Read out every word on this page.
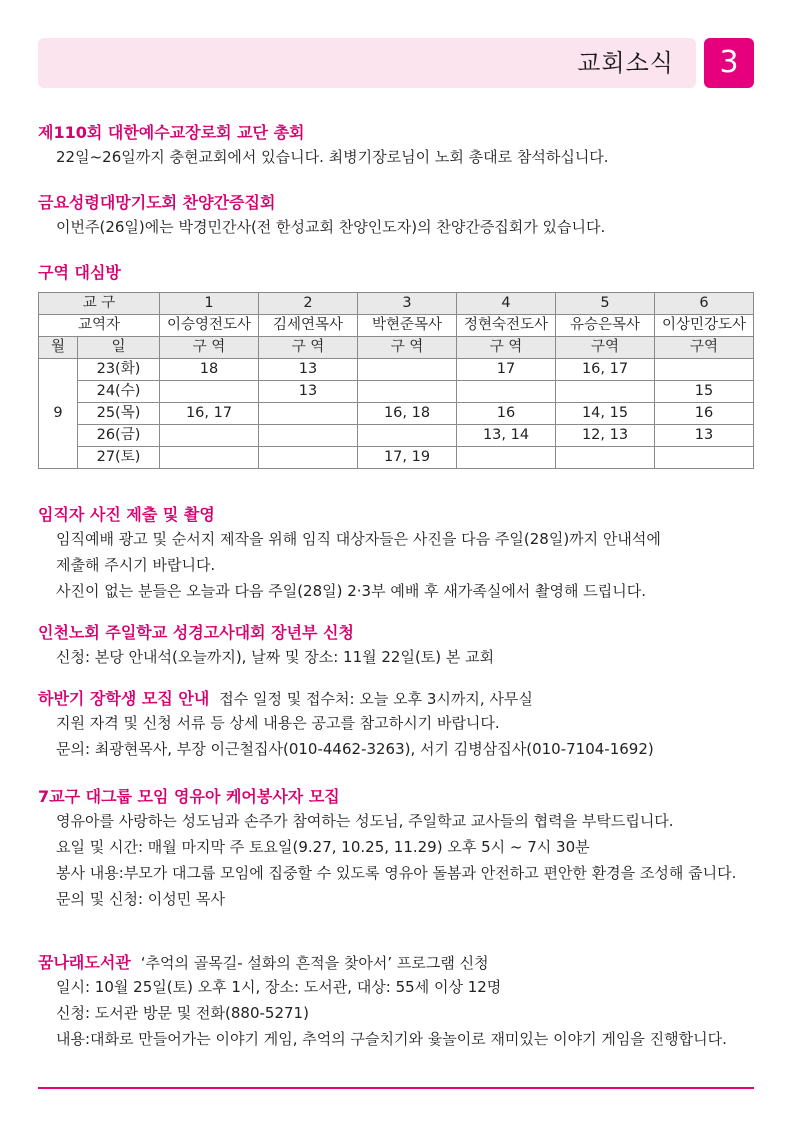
교회소식	3
제110회 대한예수교장로회 교단 총회
22일~26일까지 충현교회에서 있습니다. 최병기장로님이 노회 총대로 참석하십니다.
금요성령대망기도회 찬양간증집회
이번주(26일)에는 박경민간사(전 한성교회 찬양인도자)의 찬양간증집회가 있습니다.
구역 대심방
교 구		1	2	3	4	5	6
교역자		이승영전도사	김세연목사	박현준목사	정현숙전도사	유승은목사	이상민강도사
월	일	구 역	구 역	구 역	구 역	구역	구역
9	23(화)	18	13		17	16, 17	
	24(수)		13				15
	25(목)	16, 17		16, 18	16	14, 15	16
	26(금)				13, 14	12, 13	13
	27(토)			17, 19			
임직자 사진 제출 및 촬영
임직예배 광고 및 순서지 제작을 위해 임직 대상자들은 사진을 다음 주일(28일)까지 안내석에
제출해 주시기 바랍니다.
사진이 없는 분들은 오늘과 다음 주일(28일) 2·3부 예배 후 새가족실에서 촬영해 드립니다.
인천노회 주일학교 성경고사대회 장년부 신청
신청: 본당 안내석(오늘까지), 날짜 및 장소: 11월 22일(토) 본 교회
하반기 장학생 모집 안내 접수 일정 및 접수처: 오늘 오후 3시까지, 사무실
지원 자격 및 신청 서류 등 상세 내용은 공고를 참고하시기 바랍니다.
문의: 최광현목사, 부장 이근철집사(010-4462-3263), 서기 김병삼집사(010-7104-1692)
7교구 대그룹 모임 영유아 케어봉사자 모집
영유아를 사랑하는 성도님과 손주가 참여하는 성도님, 주일학교 교사들의 협력을 부탁드립니다.
요일 및 시간: 매월 마지막 주 토요일(9.27, 10.25, 11.29) 오후 5시 ~ 7시 30분
봉사 내용: 부모가 대그룹 모임에 집중할 수 있도록 영유아 돌봄과 안전하고 편안한 환경을 조성해 줍니다.
문의 및 신청: 이성민 목사
꿈나래도서관 ‘추억의 골목길- 설화의 흔적을 찾아서’ 프로그램 신청
일시: 10월 25일(토) 오후 1시, 장소: 도서관, 대상: 55세 이상 12명
신청: 도서관 방문 및 전화(880-5271)
내용: 대화로 만들어가는 이야기 게임, 추억의 구슬치기와 윷놀이로 재미있는 이야기 게임을 진행합니다.
